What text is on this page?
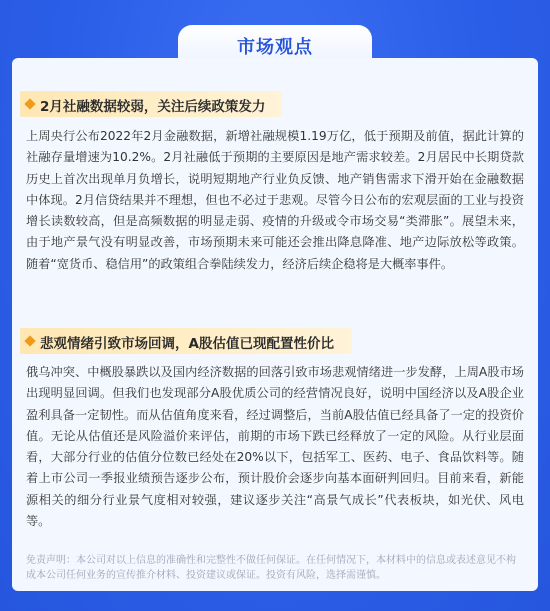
市场观点
2月社融数据较弱，关注后续政策发力

上周央行公布2022年2月金融数据，新增社融规模1.19万亿，低于预期及前值，据此计算的社融存量增速为10.2%。2月社融低于预期的主要原因是地产需求较差。2月居民中长期贷款历史上首次出现单月负增长，说明短期地产行业负反馈、地产销售需求下滑开始在金融数据中体现。2月信贷结果并不理想，但也不必过于悲观。尽管今日公布的宏观层面的工业与投资增长读数较高，但是高频数据的明显走弱、疫情的升级或令市场交易“类滞胀”。展望未来，由于地产景气没有明显改善，市场预期未来可能还会推出降息降准、地产边际放松等政策。随着“宽货币、稳信用”的政策组合拳陆续发力，经济后续企稳将是大概率事件。

悲观情绪引致市场回调，A股估值已现配置性价比

俄乌冲突、中概股暴跌以及国内经济数据的回落引致市场悲观情绪进一步发酵，上周A股市场出现明显回调。但我们也发现部分A股优质公司的经营情况良好，说明中国经济以及A股企业盈利具备一定韧性。而从估值角度来看，经过调整后，当前A股估值已经具备了一定的投资价值。无论从估值还是风险溢价来评估，前期的市场下跌已经释放了一定的风险。从行业层面看，大部分行业的估值分位数已经处在20%以下，包括军工、医药、电子、食品饮料等。随着上市公司一季报业绩预告逐步公布，预计股价会逐步向基本面研判回归。目前来看，新能源相关的细分行业景气度相对较强，建议逐步关注“高景气成长”代表板块，如光伏、风电等。

免责声明：本公司对以上信息的准确性和完整性不做任何保证。在任何情况下，本材料中的信息或表述意见不构成本公司任何业务的宣传推介材料、投资建议或保证。投资有风险，选择需谨慎。
